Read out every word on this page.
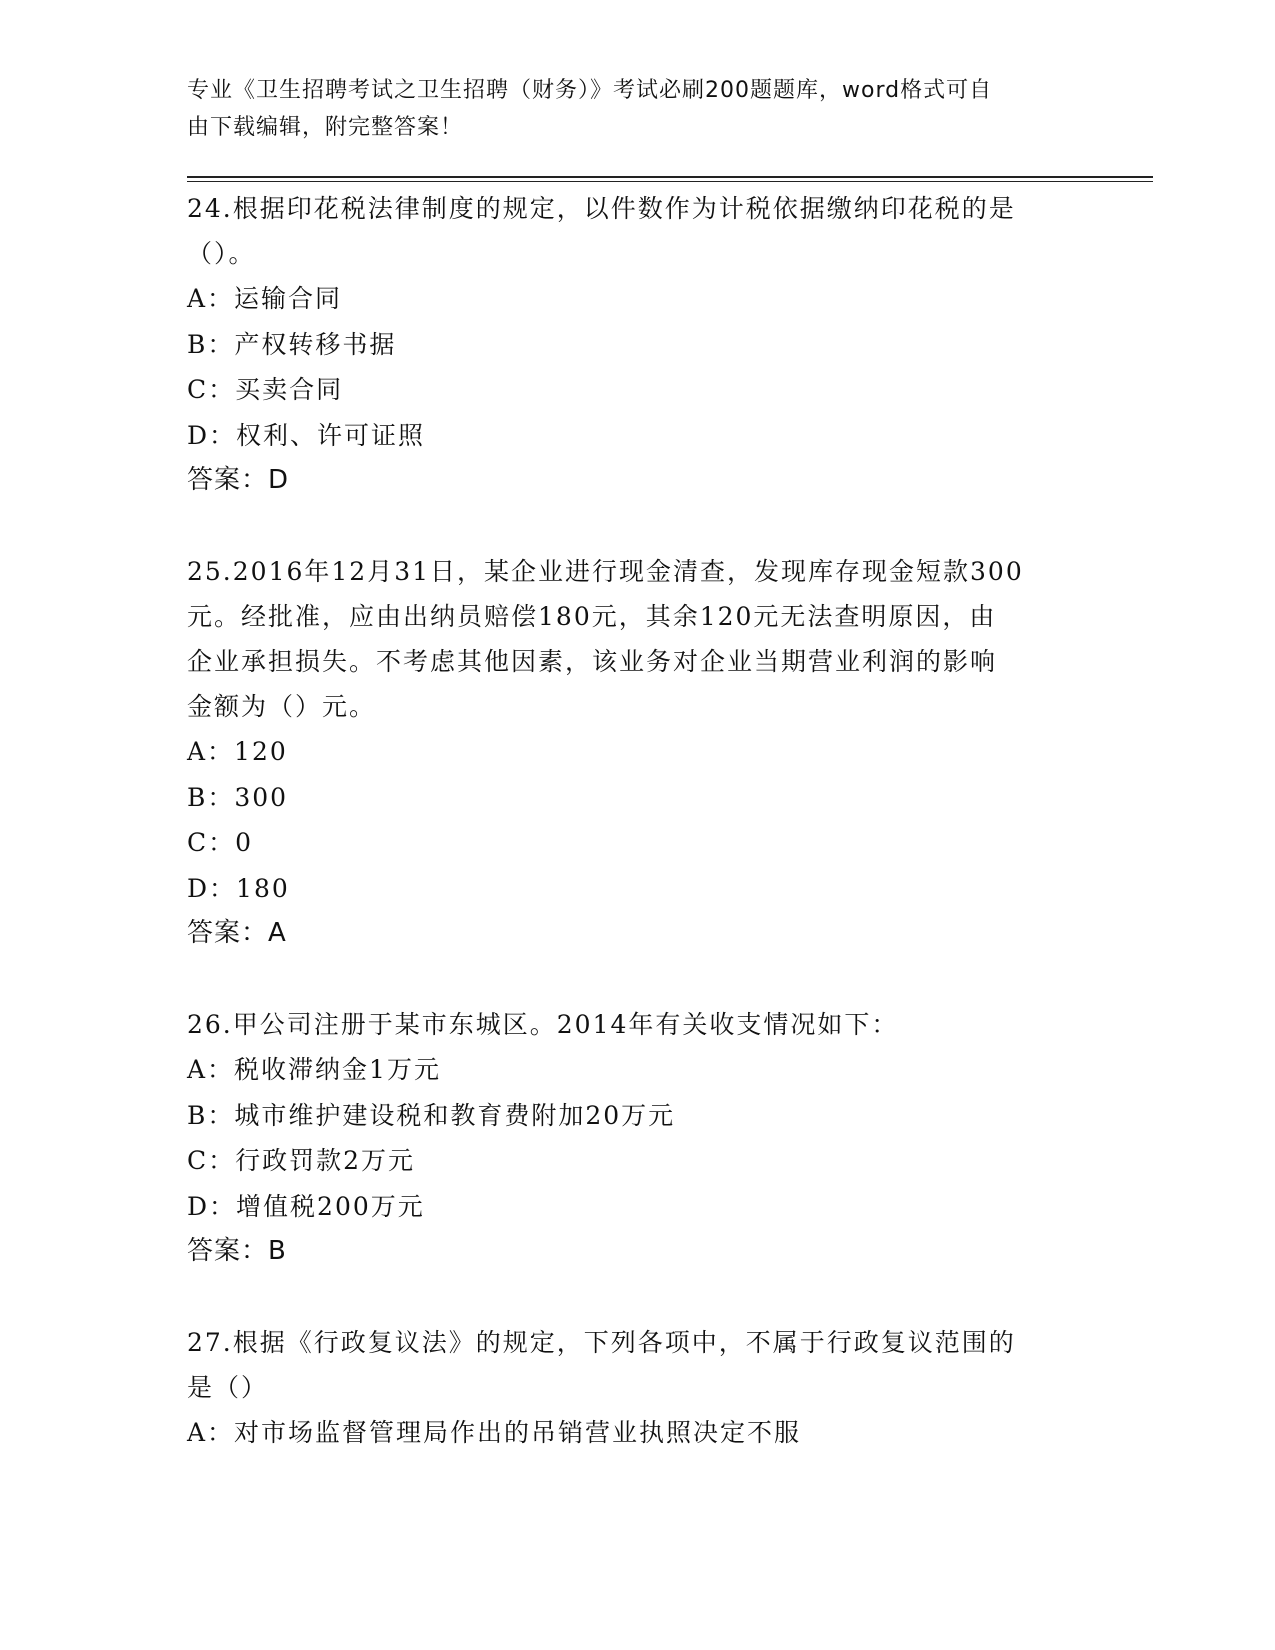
专业《卫生招聘考试之卫生招聘（财务）》考试必刷200题题库，word格式可自
由下载编辑，附完整答案！

24.根据印花税法律制度的规定，以件数作为计税依据缴纳印花税的是

（）。

A：运输合同

B：产权转移书据

C：买卖合同

D：权利、许可证照

答案：D

25.2016年12月31日，某企业进行现金清查，发现库存现金短款300

元。经批准，应由出纳员赔偿180元，其余120元无法查明原因，由

企业承担损失。不考虑其他因素，该业务对企业当期营业利润的影响

金额为（）元。

A：120

B：300

C：0

D：180

答案：A

26.甲公司注册于某市东城区。2014年有关收支情况如下：

A：税收滞纳金1万元

B：城市维护建设税和教育费附加20万元

C：行政罚款2万元

D：增值税200万元

答案：B

27.根据《行政复议法》的规定，下列各项中，不属于行政复议范围的

是（）

A：对市场监督管理局作出的吊销营业执照决定不服
